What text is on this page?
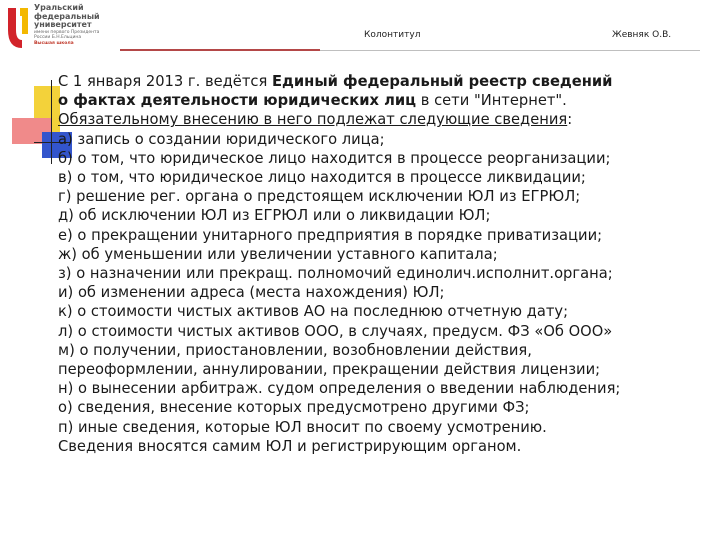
Уральский
федеральный
университет
имени первого Президента
России Б.Н.Ельцина
Высшая школа
Колонтитул	Жевняк О.В.
С 1 января 2013 г. ведётся Единый федеральный реестр сведений
о фактах деятельности юридических лиц в сети "Интернет".
Обязательному внесению в него подлежат следующие сведения:
а) запись о создании юридического лица;
б) о том, что юридическое лицо находится в процессе реорганизации;
в) о том, что юридическое лицо находится в процессе ликвидации;
г) решение рег. органа о предстоящем исключении ЮЛ из ЕГРЮЛ;
д) об исключении ЮЛ из ЕГРЮЛ или о ликвидации ЮЛ;
е) о прекращении унитарного предприятия в порядке приватизации;
ж) об уменьшении или увеличении уставного капитала;
з) о назначении или прекращ. полномочий единолич.исполнит.органа;
и) об изменении адреса (места нахождения) ЮЛ;
к) о стоимости чистых активов АО на последнюю отчетную дату;
л) о стоимости чистых активов ООО, в случаях, предусм. ФЗ «Об ООО»
м) о получении, приостановлении, возобновлении действия,
переоформлении, аннулировании, прекращении действия лицензии;
н) о вынесении арбитраж. судом определения о введении наблюдения;
о) сведения, внесение которых предусмотрено другими ФЗ;
п) иные сведения, которые ЮЛ вносит по своему усмотрению.
Сведения вносятся самим ЮЛ и регистрирующим органом.
